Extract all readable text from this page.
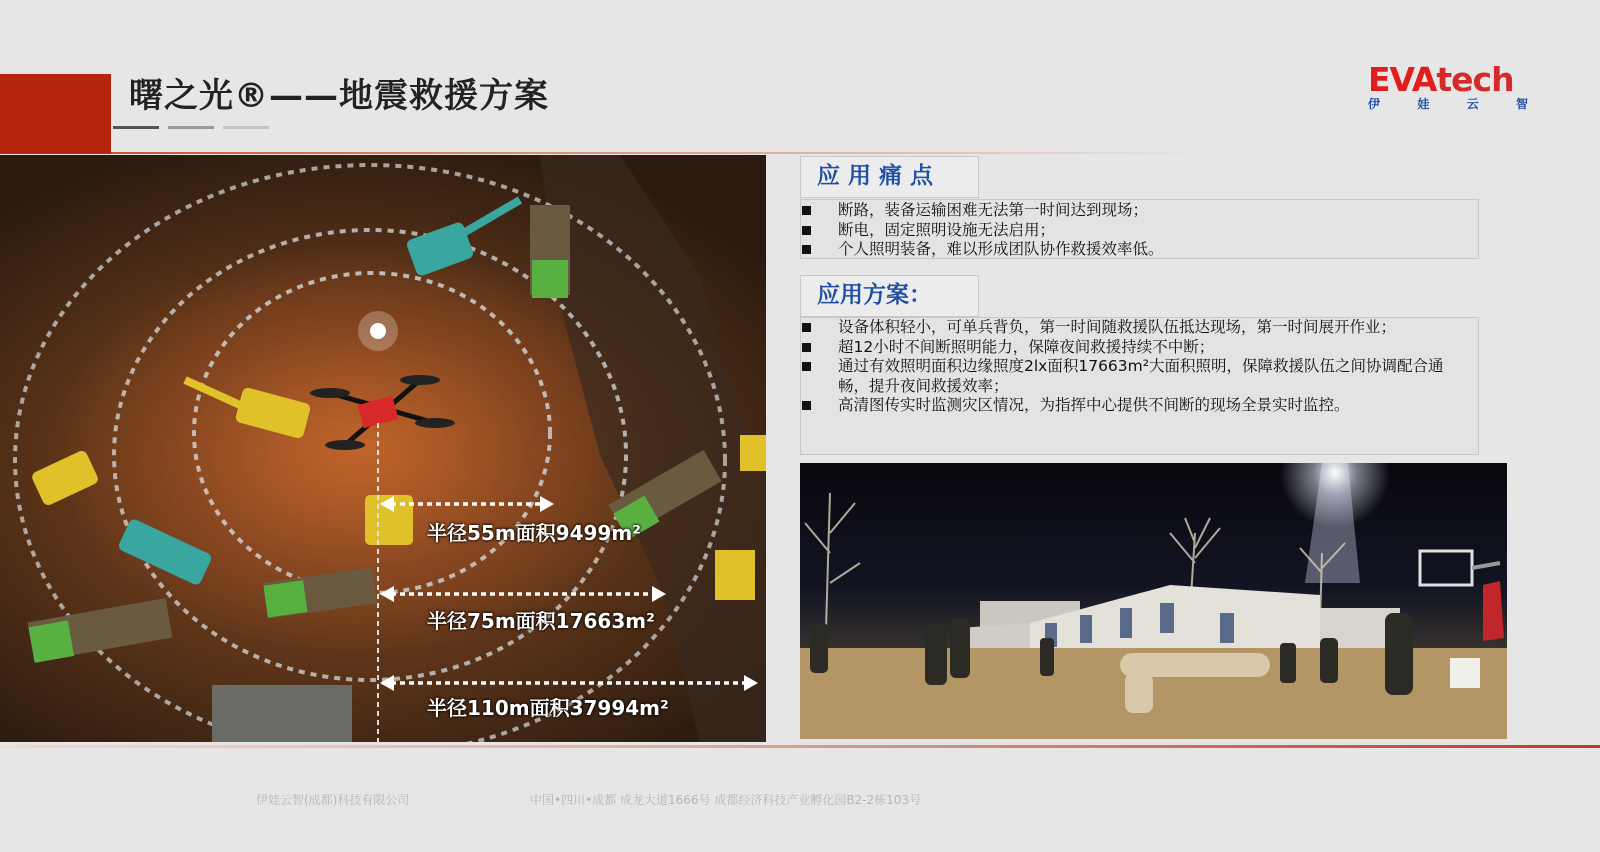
曙之光®——地震救援方案	EVAtech
伊	娃	云	智
半径55m面积9499m²
半径75m面积17663m²
半径110m面积37994m²
应 用 痛 点
断路，装备运输困难无法第一时间达到现场；
断电，固定照明设施无法启用；
个人照明装备，难以形成团队协作救援效率低。
应用方案：
设备体积轻小，可单兵背负，第一时间随救援队伍抵达现场，第一时间展开作业；
超12小时不间断照明能力，保障夜间救援持续不中断；
通过有效照明面积边缘照度2lx面积17663m²大面积照明，保障救援队伍之间协调配合通畅，提升夜间救援效率；
高清图传实时监测灾区情况，为指挥中心提供不间断的现场全景实时监控。
伊娃云智(成都)科技有限公司	中国•四川•成都 成龙大道1666号 成都经济科技产业孵化园B2-2栋103号
